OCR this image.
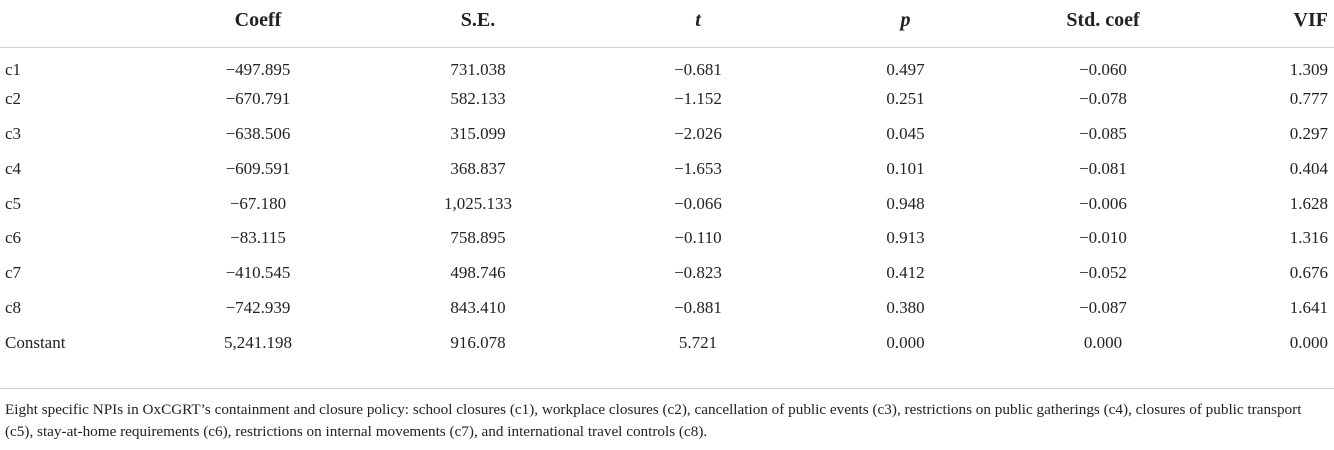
	Coeff	S.E.	t	p	Std. coef	VIF
c1	−497.895	731.038	−0.681	0.497	−0.060	1.309
c2	−670.791	582.133	−1.152	0.251	−0.078	0.777
c3	−638.506	315.099	−2.026	0.045	−0.085	0.297
c4	−609.591	368.837	−1.653	0.101	−0.081	0.404
c5	−67.180	1,025.133	−0.066	0.948	−0.006	1.628
c6	−83.115	758.895	−0.110	0.913	−0.010	1.316
c7	−410.545	498.746	−0.823	0.412	−0.052	0.676
c8	−742.939	843.410	−0.881	0.380	−0.087	1.641
Constant	5,241.198	916.078	5.721	0.000	0.000	0.000
Eight specific NPIs in OxCGRT’s containment and closure policy: school closures (c1), workplace closures (c2), cancellation of public events (c3), restrictions on public gatherings (c4), closures of public transport (c5), stay-at-home requirements (c6), restrictions on internal movements (c7), and international travel controls (c8).
